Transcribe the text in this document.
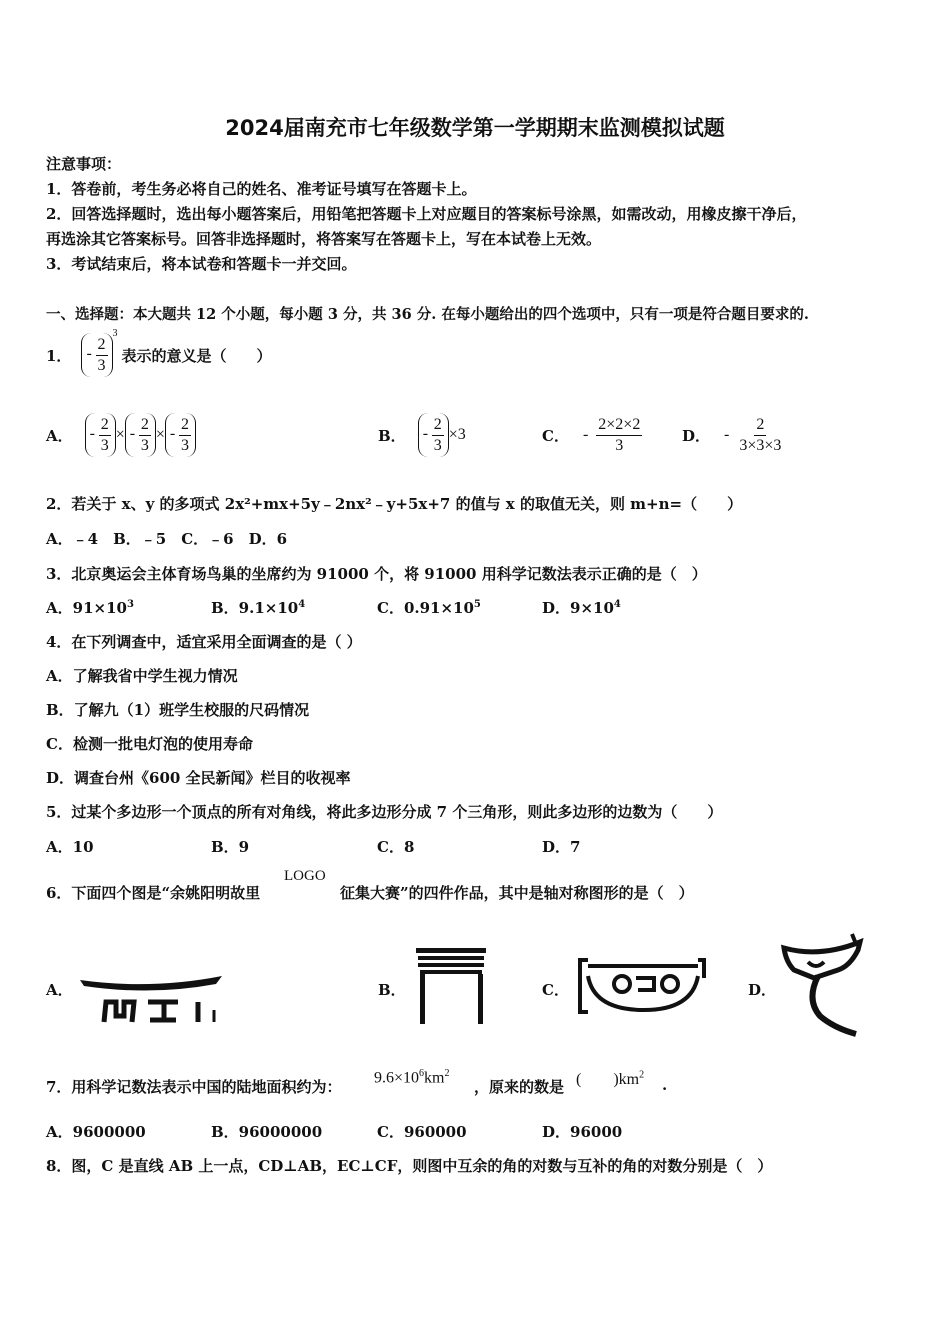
2024届南充市七年级数学第一学期期末监测模拟试题
注意事项：
1．答卷前，考生务必将自己的姓名、准考证号填写在答题卡上。
2．回答选择题时，选出每小题答案后，用铅笔把答题卡上对应题目的答案标号涂黑，如需改动，用橡皮擦干净后，
再选涂其它答案标号。回答非选择题时，将答案写在答题卡上，写在本试卷上无效。
3．考试结束后，将本试卷和答题卡一并交回。
一、选择题：本大题共 12 个小题，每小题 3 分，共 36 分. 在每小题给出的四个选项中，只有一项是符合题目要求的.
1． - $\frac{2}{3}$
$^3$
表示的意义是（　　）
A．	- $\frac{2}{3}$ × - $\frac{2}{3}$ × - $\frac{2}{3}$	B．	- $\frac{2}{3} \times 3$	C． - $\frac{2\times 2\times 2}{3}$	D． - $\frac{2}{3\times 3\times 3}$
2．若关于 x、y 的多项式 2x²+mx+5y﹣2nx²﹣y+5x+7 的值与 x 的取值无关，则 m+n=（　　）
A．﹣4　B．﹣5　C．﹣6　D．6
3．北京奥运会主体育场鸟巢的坐席约为 91000 个，将 91000 用科学记数法表示正确的是（　）
A．$91\times 10^3$	B．$9.1\times 10^4$	C．$0.91\times 10^5$	D．$9\times 10^4$
4．在下列调查中，适宜采用全面调查的是（ ）
A．了解我省中学生视力情况
B．了解九（1）班学生校服的尺码情况
C．检测一批电灯泡的使用寿命
D．调查台州《600 全民新闻》栏目的收视率
5．过某个多边形一个顶点的所有对角线，将此多边形分成 7 个三角形，则此多边形的边数为（　　）
A．10	B．9	C．8	D．7
6．下面四个图是“余姚阳明故里
LOGO
征集大赛”的四件作品，其中是轴对称图形的是（　）
A．	B．	C．	D．
7．用科学记数法表示中国的陆地面积约为：
$9.6\times 10^6km^2$
，原来的数是 (　　)$km^2$
.
A．9600000	B．96000000	C．960000	D．96000
8．图，C 是直线 AB 上一点，CD⊥AB，EC⊥CF，则图中互余的角的对数与互补的角的对数分别是（　）
